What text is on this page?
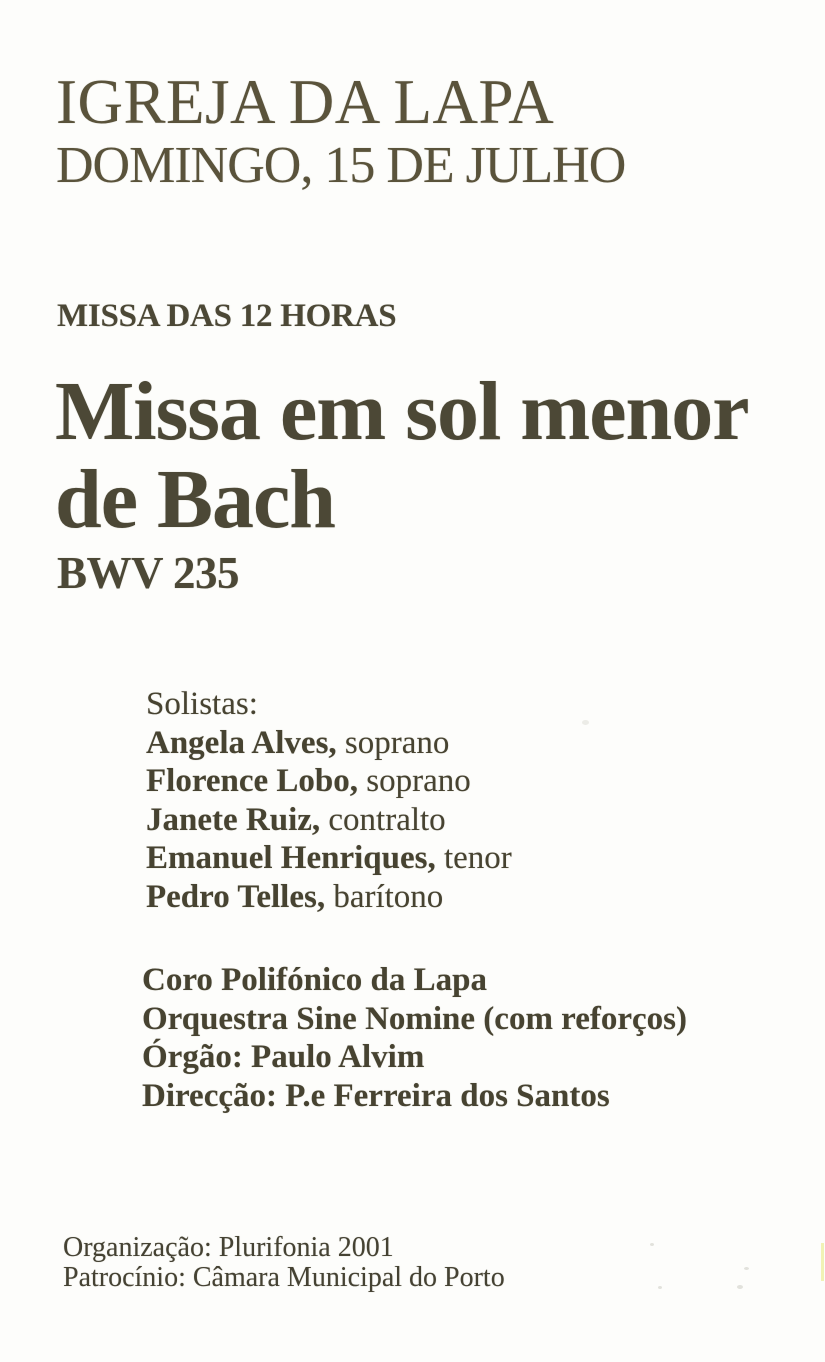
IGREJA DA LAPA
DOMINGO, 15 DE JULHO
MISSA DAS 12 HORAS
Missa em sol menor
de Bach
BWV 235
Solistas:
Angela Alves, soprano
Florence Lobo, soprano
Janete Ruiz, contralto
Emanuel Henriques, tenor
Pedro Telles, barítono
Coro Polifónico da Lapa
Orquestra Sine Nomine (com reforços)
Órgão: Paulo Alvim
Direcção: P.e Ferreira dos Santos
Organização: Plurifonia 2001
Patrocínio: Câmara Municipal do Porto
